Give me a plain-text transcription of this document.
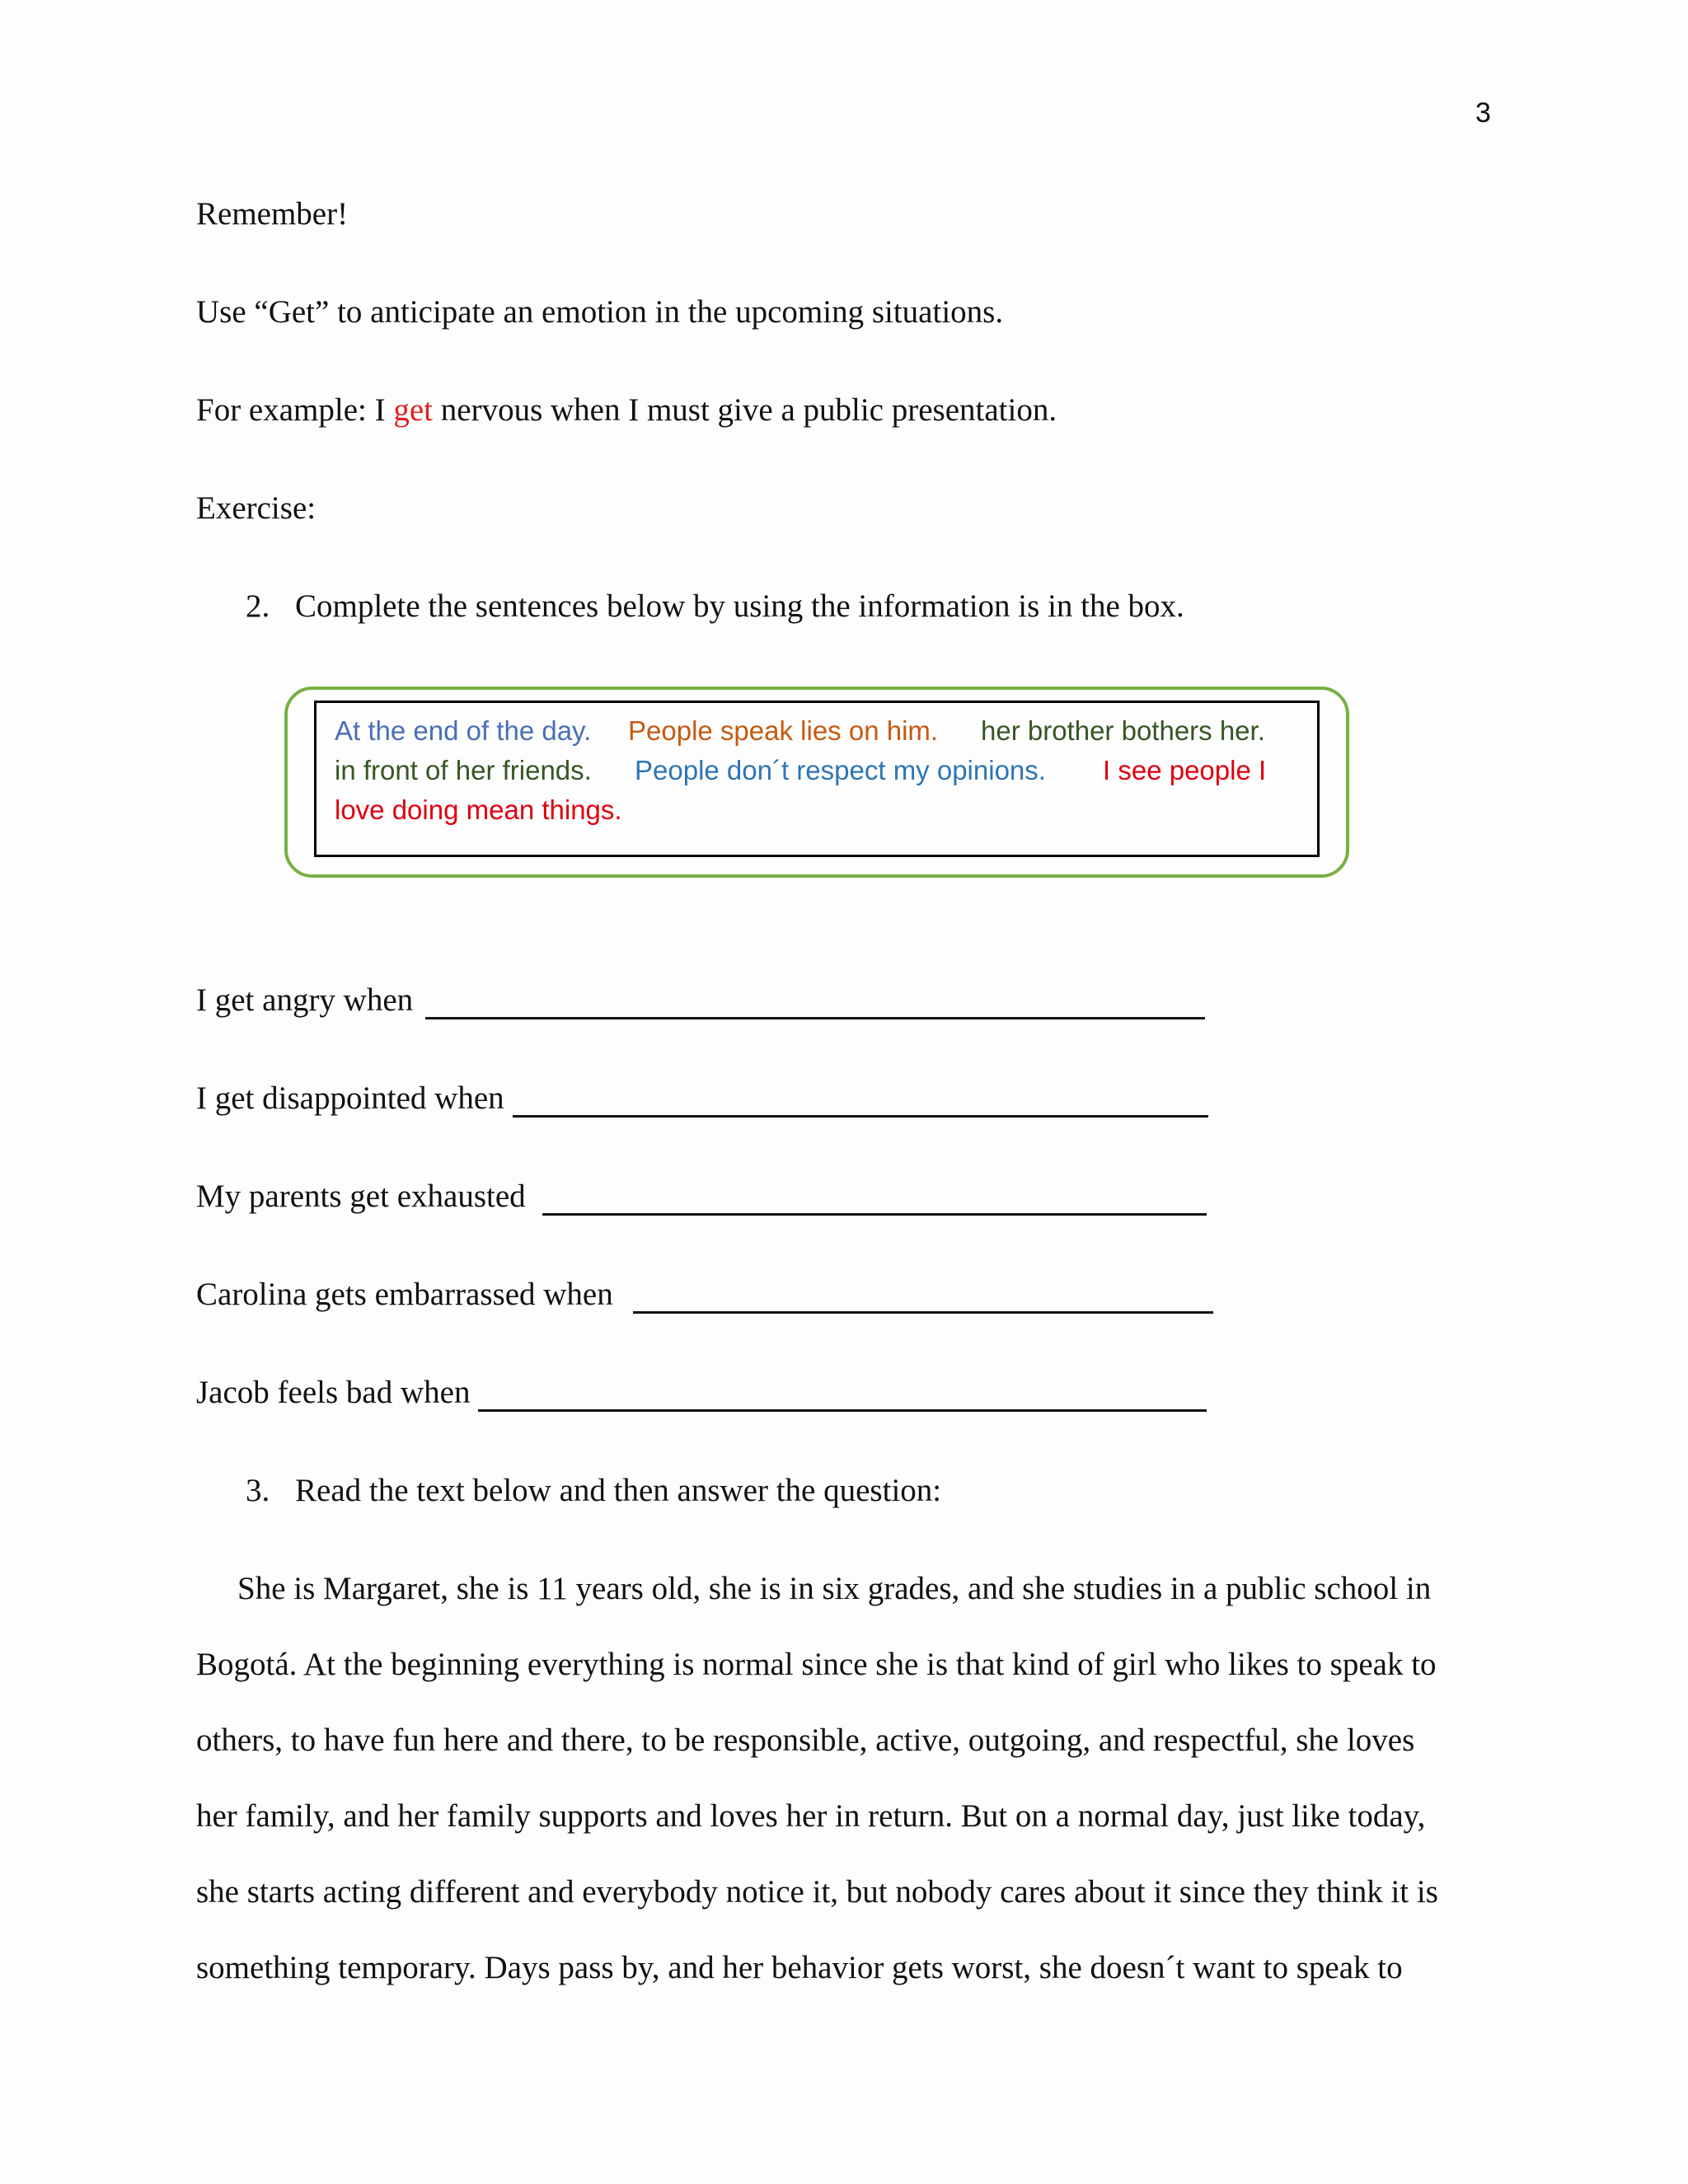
3
Remember!
Use “Get” to anticipate an emotion in the upcoming situations.
For example: I get nervous when I must give a public presentation.
Exercise:
2. Complete the sentences below by using the information is in the box.
At the end of the day. People speak lies on him. her brother bothers her.
in front of her friends. People don´t respect my opinions. I see people I
love doing mean things.
I get angry when
I get disappointed when
My parents get exhausted
Carolina gets embarrassed when
Jacob feels bad when
3. Read the text below and then answer the question:
She is Margaret, she is 11 years old, she is in six grades, and she studies in a public school in
Bogotá. At the beginning everything is normal since she is that kind of girl who likes to speak to
others, to have fun here and there, to be responsible, active, outgoing, and respectful, she loves
her family, and her family supports and loves her in return. But on a normal day, just like today,
she starts acting different and everybody notice it, but nobody cares about it since they think it is
something temporary. Days pass by, and her behavior gets worst, she doesn´t want to speak to
